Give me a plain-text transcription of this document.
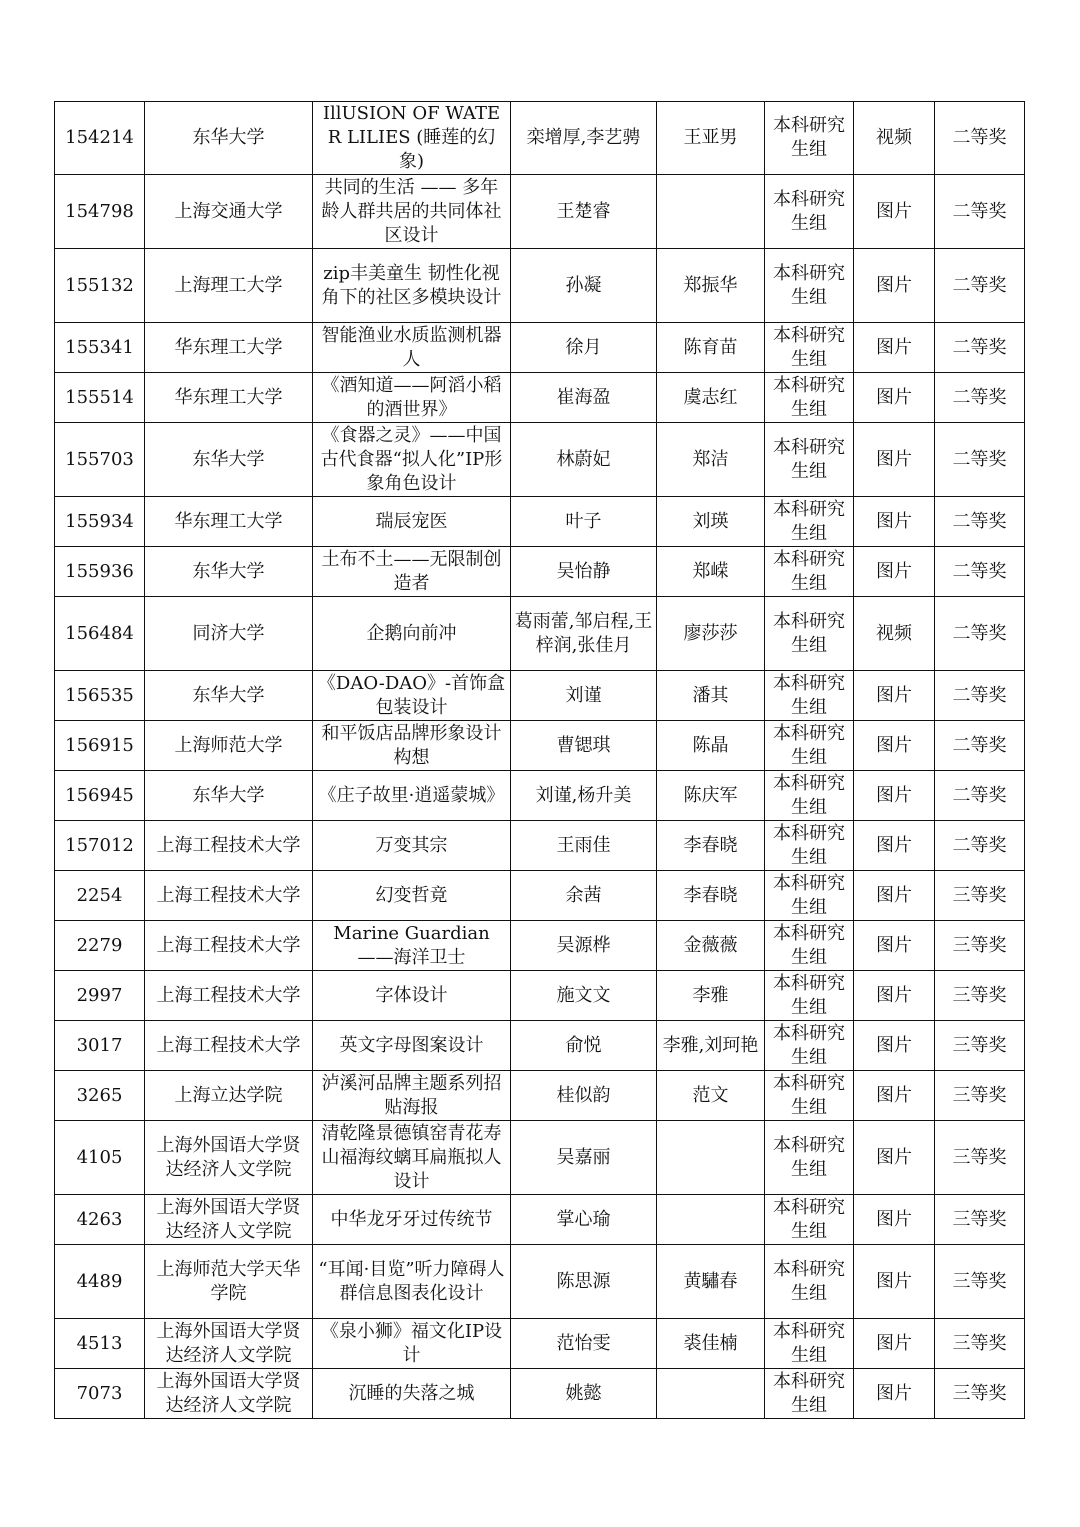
154214	东华大学	IllUSION OF WATER LILIES (睡莲的幻象)	栾增厚,李艺骋	王亚男	本科研究生组	视频	二等奖
154798	上海交通大学	共同的生活 —— 多年龄人群共居的共同体社区设计	王楚睿		本科研究生组	图片	二等奖
155132	上海理工大学	zip丰美童生 韧性化视角下的社区多模块设计	孙凝	郑振华	本科研究生组	图片	二等奖
155341	华东理工大学	智能渔业水质监测机器人	徐月	陈育苗	本科研究生组	图片	二等奖
155514	华东理工大学	《酒知道——阿滔小稻的酒世界》	崔海盈	虞志红	本科研究生组	图片	二等奖
155703	东华大学	《食器之灵》——中国古代食器“拟人化”IP形象角色设计	林蔚妃	郑洁	本科研究生组	图片	二等奖
155934	华东理工大学	瑞辰宠医	叶子	刘瑛	本科研究生组	图片	二等奖
155936	东华大学	土布不土——无限制创造者	吴怡静	郑嵘	本科研究生组	图片	二等奖
156484	同济大学	企鹅向前冲	葛雨蕾,邹启程,王梓润,张佳月	廖莎莎	本科研究生组	视频	二等奖
156535	东华大学	《DAO-DAO》-首饰盒包装设计	刘谨	潘其	本科研究生组	图片	二等奖
156915	上海师范大学	和平饭店品牌形象设计构想	曹锶琪	陈晶	本科研究生组	图片	二等奖
156945	东华大学	《庄子故里·逍遥蒙城》	刘谨,杨升美	陈庆军	本科研究生组	图片	二等奖
157012	上海工程技术大学	万变其宗	王雨佳	李春晓	本科研究生组	图片	二等奖
2254	上海工程技术大学	幻变哲竟	余茜	李春晓	本科研究生组	图片	三等奖
2279	上海工程技术大学	Marine Guardian——海洋卫士	吴源桦	金薇薇	本科研究生组	图片	三等奖
2997	上海工程技术大学	字体设计	施文文	李雅	本科研究生组	图片	三等奖
3017	上海工程技术大学	英文字母图案设计	俞悦	李雅,刘珂艳	本科研究生组	图片	三等奖
3265	上海立达学院	泸溪河品牌主题系列招贴海报	桂似韵	范文	本科研究生组	图片	三等奖
4105	上海外国语大学贤达经济人文学院	清乾隆景德镇窑青花寿山福海纹螭耳扁瓶拟人设计	吴嘉丽		本科研究生组	图片	三等奖
4263	上海外国语大学贤达经济人文学院	中华龙牙牙过传统节	掌心瑜		本科研究生组	图片	三等奖
4489	上海师范大学天华学院	“耳闻·目览”听力障碍人群信息图表化设计	陈思源	黄驌春	本科研究生组	图片	三等奖
4513	上海外国语大学贤达经济人文学院	《泉小狮》福文化IP设计	范怡雯	裘佳楠	本科研究生组	图片	三等奖
7073	上海外国语大学贤达经济人文学院	沉睡的失落之城	姚懿		本科研究生组	图片	三等奖
